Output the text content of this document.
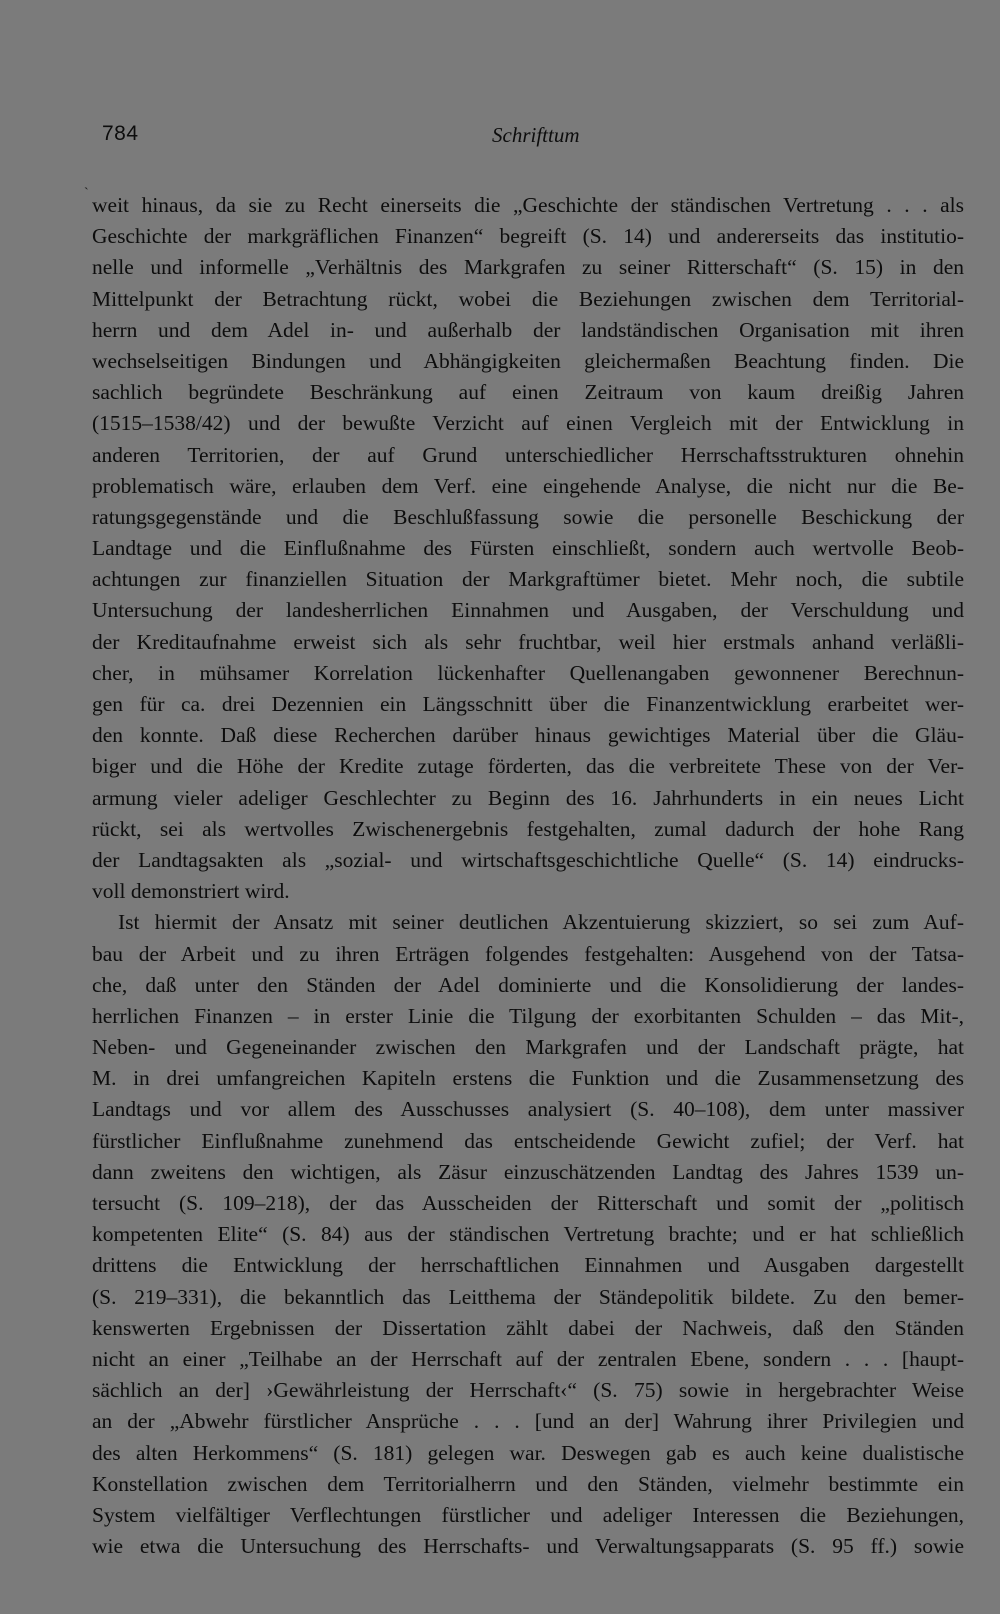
784	Schrifttum
ˋ weit hinaus, da sie zu Recht einerseits die „Geschichte der ständischen Vertretung . . . als
Geschichte der markgräflichen Finanzen“ begreift (S. 14) und andererseits das institutio-
nelle und informelle „Verhältnis des Markgrafen zu seiner Ritterschaft“ (S. 15) in den
Mittelpunkt der Betrachtung rückt, wobei die Beziehungen zwischen dem Territorial-
herrn und dem Adel in- und außerhalb der landständischen Organisation mit ihren
wechselseitigen Bindungen und Abhängigkeiten gleichermaßen Beachtung finden. Die
sachlich begründete Beschränkung auf einen Zeitraum von kaum dreißig Jahren
(1515–1538/42) und der bewußte Verzicht auf einen Vergleich mit der Entwicklung in
anderen Territorien, der auf Grund unterschiedlicher Herrschaftsstrukturen ohnehin
problematisch wäre, erlauben dem Verf. eine eingehende Analyse, die nicht nur die Be-
ratungsgegenstände und die Beschlußfassung sowie die personelle Beschickung der
Landtage und die Einflußnahme des Fürsten einschließt, sondern auch wertvolle Beob-
achtungen zur finanziellen Situation der Markgraftümer bietet. Mehr noch, die subtile
Untersuchung der landesherrlichen Einnahmen und Ausgaben, der Verschuldung und
der Kreditaufnahme erweist sich als sehr fruchtbar, weil hier erstmals anhand verläßli-
cher, in mühsamer Korrelation lückenhafter Quellenangaben gewonnener Berechnun-
gen für ca. drei Dezennien ein Längsschnitt über die Finanzentwicklung erarbeitet wer-
den konnte. Daß diese Recherchen darüber hinaus gewichtiges Material über die Gläu-
biger und die Höhe der Kredite zutage förderten, das die verbreitete These von der Ver-
armung vieler adeliger Geschlechter zu Beginn des 16. Jahrhunderts in ein neues Licht
rückt, sei als wertvolles Zwischenergebnis festgehalten, zumal dadurch der hohe Rang
der Landtagsakten als „sozial- und wirtschaftsgeschichtliche Quelle“ (S. 14) eindrucks-
voll demonstriert wird.
Ist hiermit der Ansatz mit seiner deutlichen Akzentuierung skizziert, so sei zum Auf-
bau der Arbeit und zu ihren Erträgen folgendes festgehalten: Ausgehend von der Tatsa-
che, daß unter den Ständen der Adel dominierte und die Konsolidierung der landes-
herrlichen Finanzen – in erster Linie die Tilgung der exorbitanten Schulden – das Mit-,
Neben- und Gegeneinander zwischen den Markgrafen und der Landschaft prägte, hat
M. in drei umfangreichen Kapiteln erstens die Funktion und die Zusammensetzung des
Landtags und vor allem des Ausschusses analysiert (S. 40–108), dem unter massiver
fürstlicher Einflußnahme zunehmend das entscheidende Gewicht zufiel; der Verf. hat
dann zweitens den wichtigen, als Zäsur einzuschätzenden Landtag des Jahres 1539 un-
tersucht (S. 109–218), der das Ausscheiden der Ritterschaft und somit der „politisch
kompetenten Elite“ (S. 84) aus der ständischen Vertretung brachte; und er hat schließlich
drittens die Entwicklung der herrschaftlichen Einnahmen und Ausgaben dargestellt
(S. 219–331), die bekanntlich das Leitthema der Ständepolitik bildete. Zu den bemer-
kenswerten Ergebnissen der Dissertation zählt dabei der Nachweis, daß den Ständen
nicht an einer „Teilhabe an der Herrschaft auf der zentralen Ebene, sondern . . . [haupt-
sächlich an der] ›Gewährleistung der Herrschaft‹“ (S. 75) sowie in hergebrachter Weise
an der „Abwehr fürstlicher Ansprüche . . . [und an der] Wahrung ihrer Privilegien und
des alten Herkommens“ (S. 181) gelegen war. Deswegen gab es auch keine dualistische
Konstellation zwischen dem Territorialherrn und den Ständen, vielmehr bestimmte ein
System vielfältiger Verflechtungen fürstlicher und adeliger Interessen die Beziehungen,
wie etwa die Untersuchung des Herrschafts- und Verwaltungsapparats (S. 95 ff.) sowie
